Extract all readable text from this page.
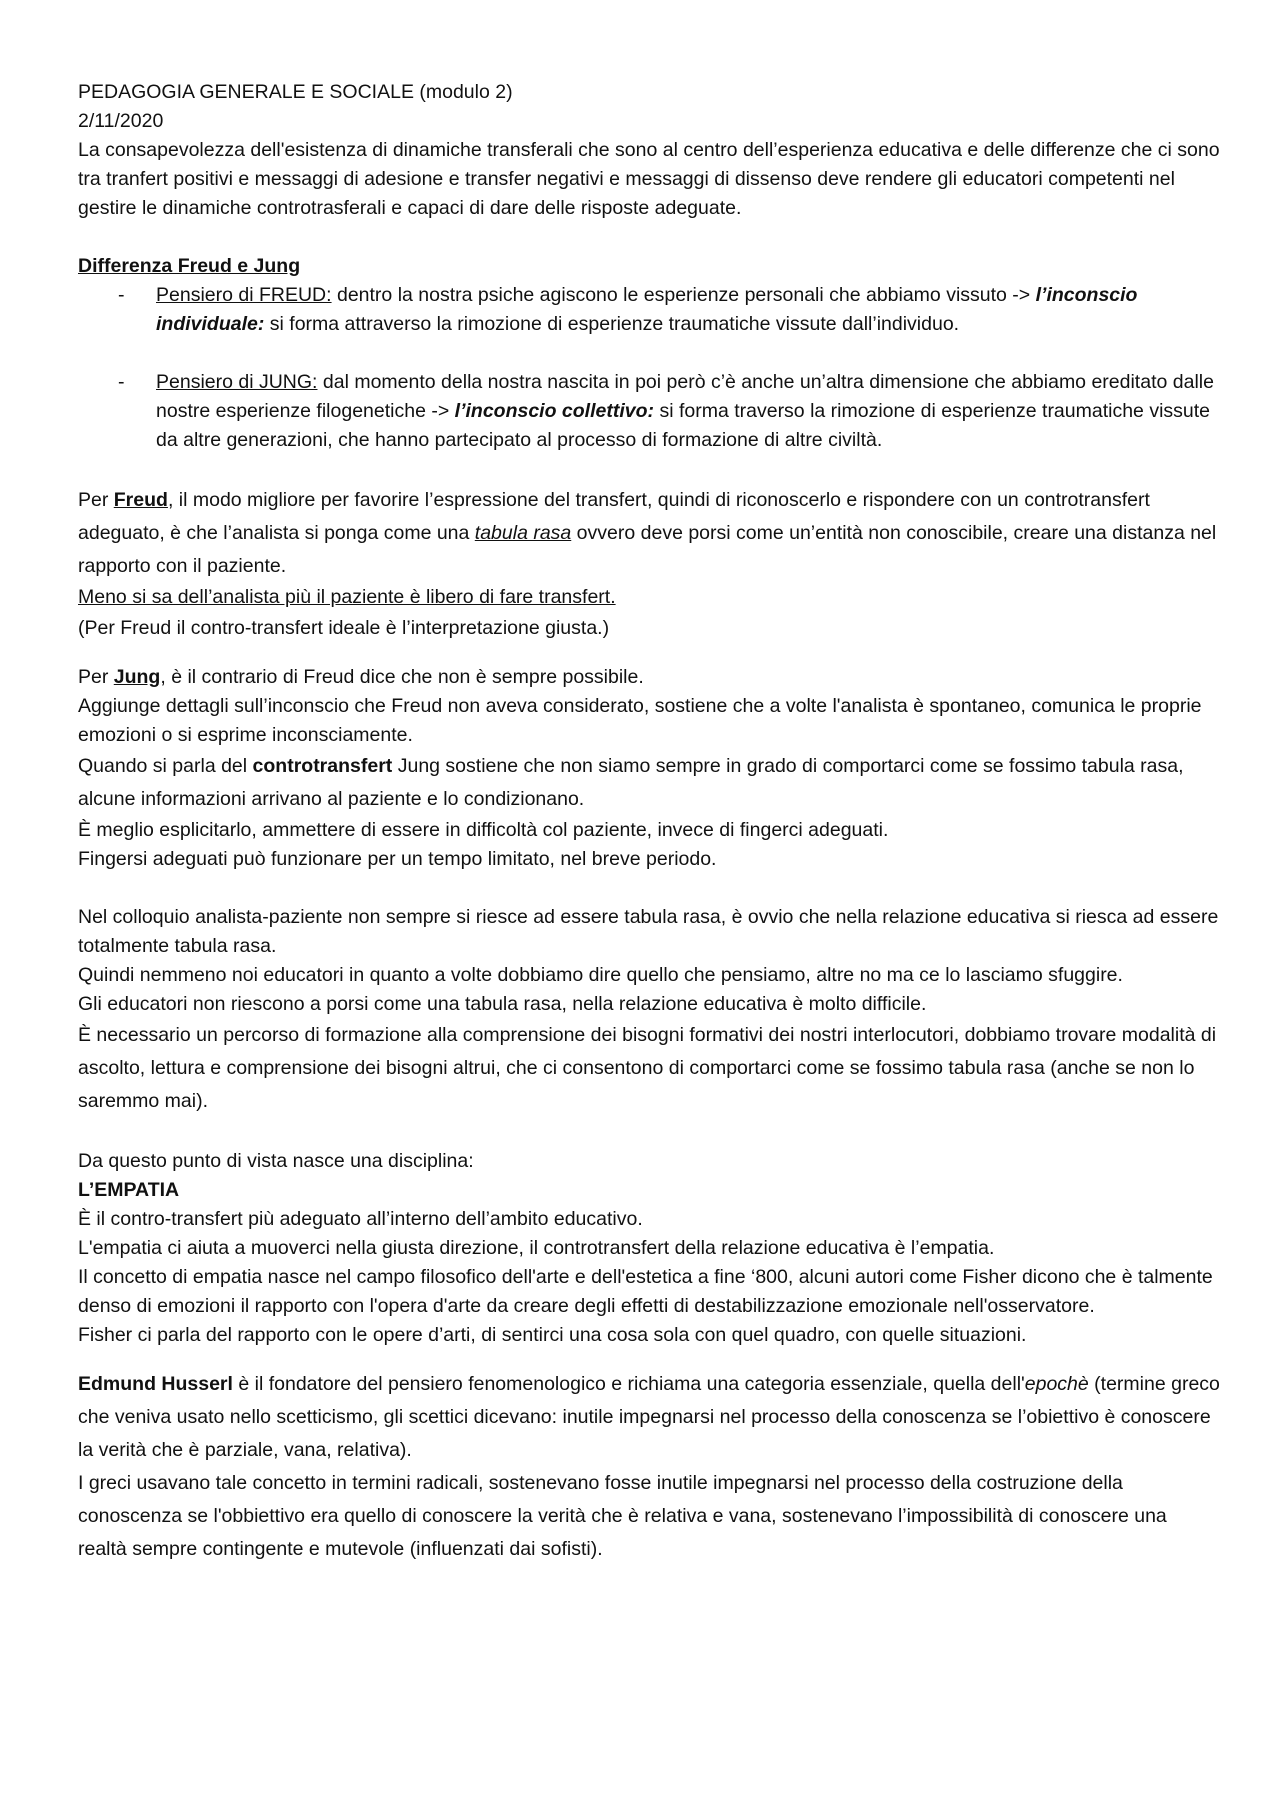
PEDAGOGIA GENERALE E SOCIALE (modulo 2)

2/11/2020

La consapevolezza dell'esistenza di dinamiche transferali che sono al centro dell’esperienza educativa e delle differenze che ci sono tra tranfert positivi e messaggi di adesione e transfer negativi e messaggi di dissenso deve rendere gli educatori competenti nel gestire le dinamiche controtrasferali e capaci di dare delle risposte adeguate.

Differenza Freud e Jung

- Pensiero di FREUD: dentro la nostra psiche agiscono le esperienze personali che abbiamo vissuto -> l’inconscio individuale: si forma attraverso la rimozione di esperienze traumatiche vissute dall’individuo.
- Pensiero di JUNG: dal momento della nostra nascita in poi però c’è anche un’altra dimensione che abbiamo ereditato dalle nostre esperienze filogenetiche -> l’inconscio collettivo: si forma traverso la rimozione di esperienze traumatiche vissute da altre generazioni, che hanno partecipato al processo di formazione di altre civiltà.

Per Freud, il modo migliore per favorire l’espressione del transfert, quindi di riconoscerlo e rispondere con un controtransfert adeguato, è che l’analista si ponga come una tabula rasa ovvero deve porsi come un’entità non conoscibile, creare una distanza nel rapporto con il paziente.

Meno si sa dell’analista più il paziente è libero di fare transfert.

(Per Freud il contro-transfert ideale è l’interpretazione giusta.)

Per Jung, è il contrario di Freud dice che non è sempre possibile.

Aggiunge dettagli sull’inconscio che Freud non aveva considerato, sostiene che a volte l'analista è spontaneo, comunica le proprie emozioni o si esprime inconsciamente.

Quando si parla del controtransfert Jung sostiene che non siamo sempre in grado di comportarci come se fossimo tabula rasa, alcune informazioni arrivano al paziente e lo condizionano.

È meglio esplicitarlo, ammettere di essere in difficoltà col paziente, invece di fingerci adeguati.

Fingersi adeguati può funzionare per un tempo limitato, nel breve periodo.

Nel colloquio analista-paziente non sempre si riesce ad essere tabula rasa, è ovvio che nella relazione educativa si riesca ad essere totalmente tabula rasa.

Quindi nemmeno noi educatori in quanto a volte dobbiamo dire quello che pensiamo, altre no ma ce lo lasciamo sfuggire.

Gli educatori non riescono a porsi come una tabula rasa, nella relazione educativa è molto difficile.

È necessario un percorso di formazione alla comprensione dei bisogni formativi dei nostri interlocutori, dobbiamo trovare modalità di ascolto, lettura e comprensione dei bisogni altrui, che ci consentono di comportarci come se fossimo tabula rasa (anche se non lo saremmo mai).

Da questo punto di vista nasce una disciplina:

L’EMPATIA

È il contro-transfert più adeguato all’interno dell’ambito educativo.

L'empatia ci aiuta a muoverci nella giusta direzione, il controtransfert della relazione educativa è l’empatia.

Il concetto di empatia nasce nel campo filosofico dell'arte e dell'estetica a fine ‘800, alcuni autori come Fisher dicono che è talmente denso di emozioni il rapporto con l'opera d'arte da creare degli effetti di destabilizzazione emozionale nell'osservatore.

Fisher ci parla del rapporto con le opere d’arti, di sentirci una cosa sola con quel quadro, con quelle situazioni.

Edmund Husserl è il fondatore del pensiero fenomenologico e richiama una categoria essenziale, quella dell'epochè (termine greco che veniva usato nello scetticismo, gli scettici dicevano: inutile impegnarsi nel processo della conoscenza se l’obiettivo è conoscere la verità che è parziale, vana, relativa).

I greci usavano tale concetto in termini radicali, sostenevano fosse inutile impegnarsi nel processo della costruzione della conoscenza se l'obbiettivo era quello di conoscere la verità che è relativa e vana, sostenevano l’impossibilità di conoscere una realtà sempre contingente e mutevole (influenzati dai sofisti).
